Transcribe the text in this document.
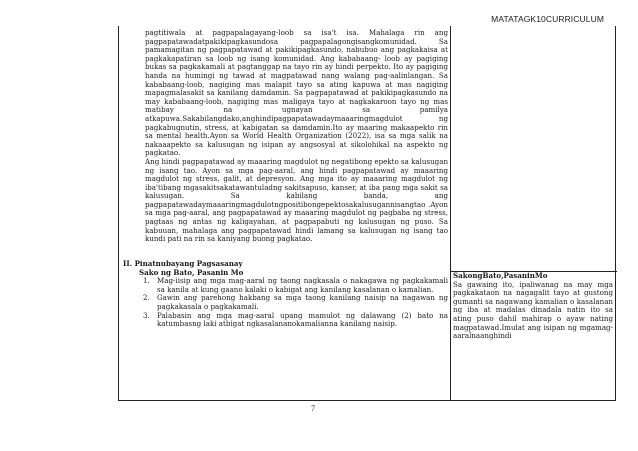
MATATAGK10CURRICULUM

pagtitiwala at pagpapalagayang-loob sa isa't isa. Mahalaga rin ang pagpapatawadatpakikipagkasundosa pagpapalagongisangkomunidad. Sa pamamagitan ng pagpapatawad at pakikipagkasundo, nabubuo ang pagkakaisa at pagkakapatiran sa loob ng isang komunidad. Ang kababaang- loob ay pagiging bukas sa pagkakamali at pagtanggap na tayo rin ay hindi perpekto. Ito ay pagiging handa na humingi ng tawad at magpatawad nang walang pag-aalinlangan. Sa kababaang-loob, nagiging mas malapit tayo sa ating kapuwa at mas nagiging mapagmalasakit sa kanilang damdamin. Sa pagpapatawad at pakikipagkasundo na may kababaang-loob, nagiging mas maligaya tayo at nagkakaroon tayo ng mas matibay na ugnayan sa pamilya atkapuwa.Sakabilangdako,anghindipagpapatawadaymaaaringmagdulot ng pagkabugnutin, stress, at kabigatan sa damdamin.Ito ay maaring makaapekto rin sa mental health.Ayon sa World Health Organization (2022), isa sa mga salik na nakaaapekto sa kalusugan ng isipan ay angsosyal at sikolohikal na aspekto ng pagkatao.

Ang hindi pagpapatawad ay maaaring magdulot ng negatibong epekto sa kalusugan ng isang tao. Ayon sa mga pag-aaral, ang hindi pagpapatawad ay maaaring magdulot ng stress, galit, at depresyon. Ang mga ito ay maaaring magdulot ng iba'tibang mgasakitsakatawantuladng sakitsapuso, kanser, at iba pang mga sakit sa kalusugan. Sa kabilang banda, ang pagpapatawadaymaaaringmagdulotngpositibongepektosakalusugannisangtao .Ayon sa mga pag-aaral, ang pagpapatawad ay maaaring magdulot ng pagbaba ng stress, pagtaas ng antas ng kaligayahan, at pagpapabuti ng kalusugan ng puso. Sa kabuuan, mahalaga ang pagpapatawad hindi lamang sa kalusugan ng isang tao kundi pati na rin sa kaniyang buong pagkatao.

II. Pinatnubayang Pagsasanay
Sako ng Bato, Pasanin Mo
1. Mag-iisip ang mga mag-aaral ng taong nagkasala o nakagawa ng pagkakamali sa kanila at kung gaano kalaki o kabigat ang kanilang kasalanan o kamalian.
2. Gawin ang parehong hakbang sa mga taong kanilang naisip na nagawan ng pagkakasala o pagkakamali.
3. Palabasin ang mga mag-aaral upang mamulot ng dalawang (2) bato na katumbasng laki atbigat ngkasalananokamaliannа kanilang naisip.
SakongBato,PasaninMo
Sa gawaing ito, ipaliwanag na may mga pagkakataon na nagagalit tayo at gustong gumanti sa nagawang kamalian o kasalanan ng iba at madalas dinadala natin ito sa ating puso dahil mahirap o ayaw nating magpatawad.Imulat ang isipan ng mgamag-aaralnaanghindi
7
